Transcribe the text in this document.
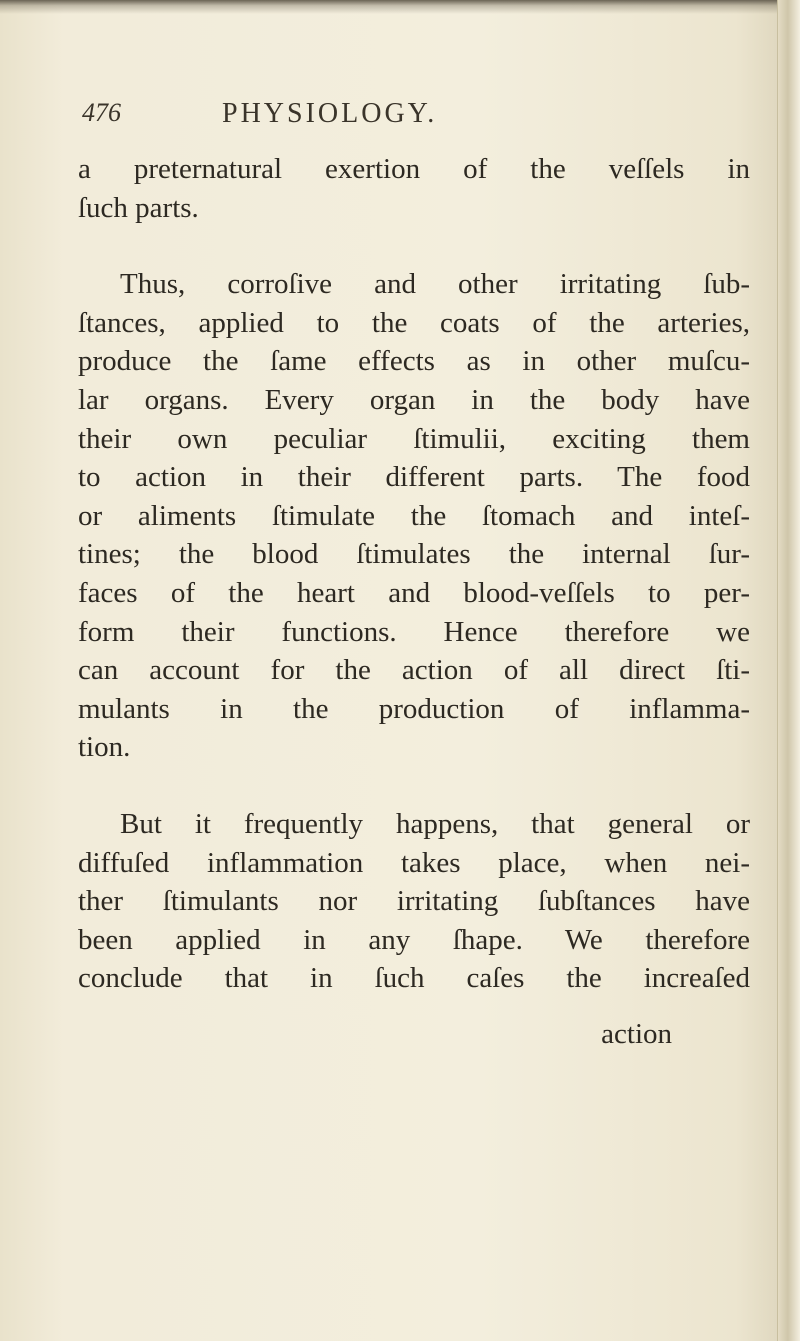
476	PHYSIOLOGY.
a preternatural exertion of the veſſels in
ſuch parts.
Thus, corroſive and other irritating ſub-
ſtances, applied to the coats of the arteries,
produce the ſame effects as in other muſcu-
lar organs. Every organ in the body have
their own peculiar ſtimulii, exciting them
to action in their different parts. The food
or aliments ſtimulate the ſtomach and inteſ-
tines; the blood ſtimulates the internal ſur-
faces of the heart and blood-veſſels to per-
form their functions. Hence therefore we
can account for the action of all direct ſti-
mulants in the production of inflamma-
tion.
But it frequently happens, that general or
diffuſed inflammation takes place, when nei-
ther ſtimulants nor irritating ſubſtances have
been applied in any ſhape. We therefore
conclude that in ſuch caſes the increaſed
action
